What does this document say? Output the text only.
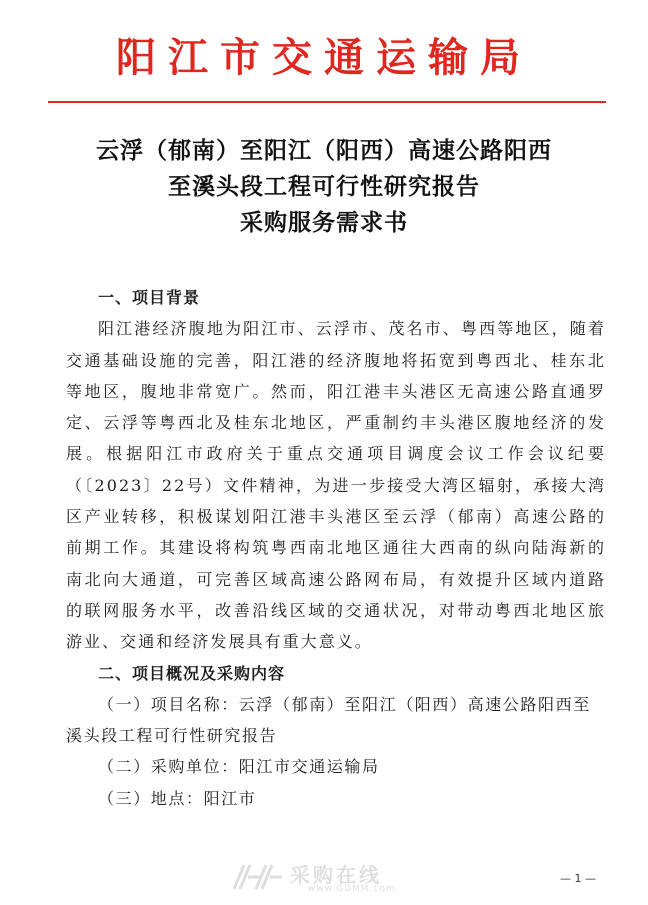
阳江市交通运输局
云浮（郁南）至阳江（阳西）高速公路阳西
至溪头段工程可行性研究报告
采购服务需求书
一、项目背景
阳江港经济腹地为阳江市、云浮市、茂名市、粤西等地区，随着交通基础设施的完善，阳江港的经济腹地将拓宽到粤西北、桂东北等地区，腹地非常宽广。然而，阳江港丰头港区无高速公路直通罗定、云浮等粤西北及桂东北地区，严重制约丰头港区腹地经济的发展。根据阳江市政府关于重点交通项目调度会议工作会议纪要（〔2023〕22号）文件精神，为进一步接受大湾区辐射，承接大湾区产业转移，积极谋划阳江港丰头港区至云浮（郁南）高速公路的前期工作。其建设将构筑粤西南北地区通往大西南的纵向陆海新的南北向大通道，可完善区域高速公路网布局，有效提升区域内道路的联网服务水平，改善沿线区域的交通状况，对带动粤西北地区旅游业、交通和经济发展具有重大意义。
二、项目概况及采购内容
（一）项目名称：云浮（郁南）至阳江（阳西）高速公路阳西至溪头段工程可行性研究报告
（二）采购单位：阳江市交通运输局
（三）地点：阳江市
采购在线
www.GDMM.com
— 1 —
